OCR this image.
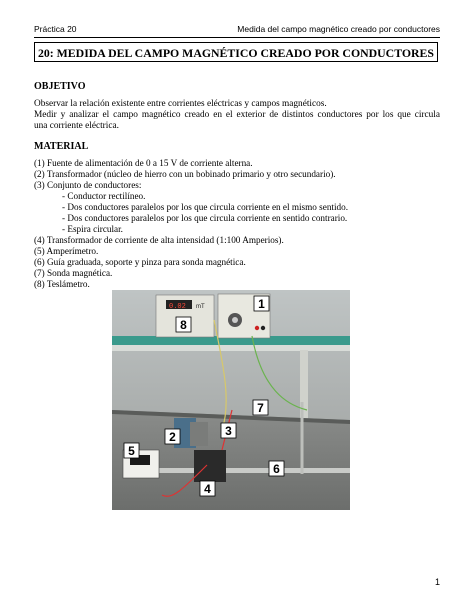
Práctica 20	Medida del campo magnético creado por conductores
20: MEDIDA DEL CAMPO MAGNÉTICO CREADO POR CONDUCTORES
OBJETIVO
Observar la relación existente entre corrientes eléctricas y campos magnéticos.
Medir y analizar el campo magnético creado en el exterior de distintos conductores por los que circula
una corriente eléctrica.
MATERIAL
(1) Fuente de alimentación de 0 a 15 V de corriente alterna.
(2) Transformador (núcleo de hierro con un bobinado primario y otro secundario).
(3) Conjunto de conductores:
- Conductor rectilíneo.
- Dos conductores paralelos por los que circula corriente en el mismo sentido.
- Dos conductores paralelos por los que circula corriente en sentido contrario.
- Espira circular.
(4) Transformador de corriente de alta intensidad (1:100 Amperios).
(5) Amperímetro.
(6) Guía graduada, soporte y pinza para sonda magnética.
(7) Sonda magnética.
(8) Teslámetro.
1
2	3
4
5
6
7
8
0.02 mT
1
